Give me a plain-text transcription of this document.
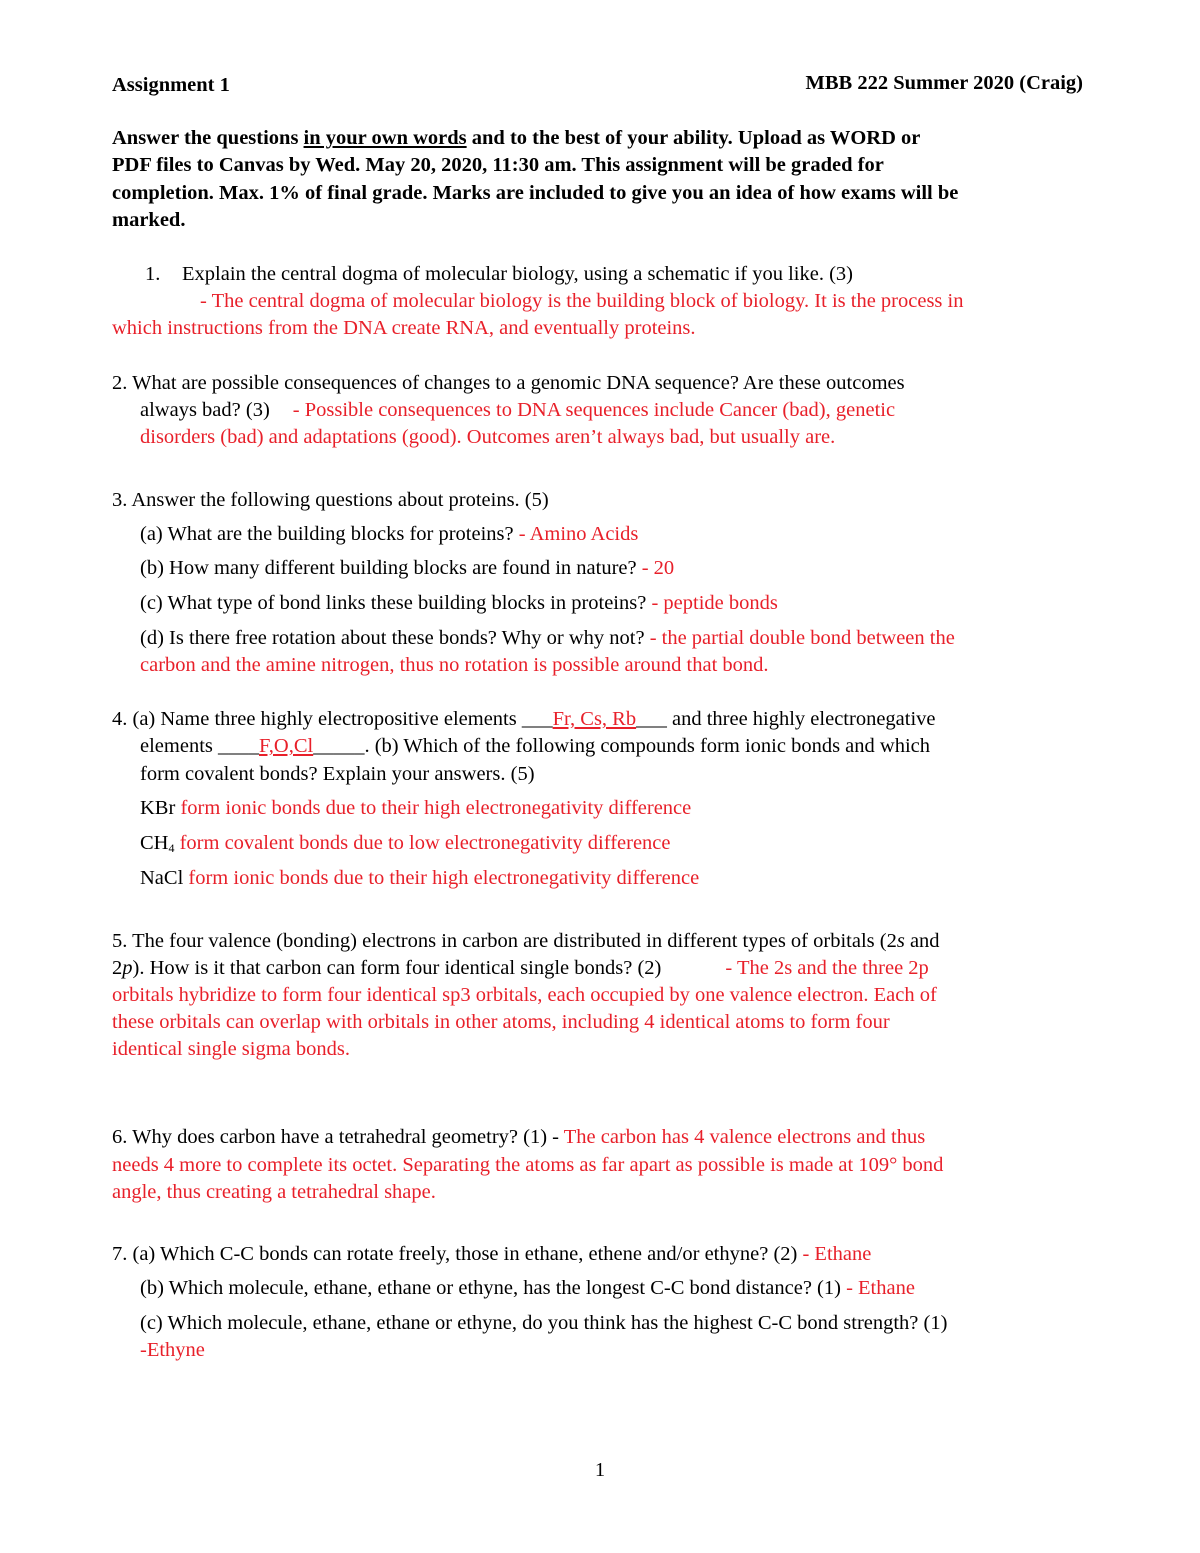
Assignment 1	MBB 222 Summer 2020 (Craig)
Answer the questions in your own words and to the best of your ability. Upload as WORD or
PDF files to Canvas by Wed. May 20, 2020, 11:30 am. This assignment will be graded for
completion. Max. 1% of final grade. Marks are included to give you an idea of how exams will be
marked.
1. Explain the central dogma of molecular biology, using a schematic if you like. (3)
- The central dogma of molecular biology is the building block of biology. It is the process in
which instructions from the DNA create RNA, and eventually proteins.
2. What are possible consequences of changes to a genomic DNA sequence? Are these outcomes
always bad? (3) - Possible consequences to DNA sequences include Cancer (bad), genetic
disorders (bad) and adaptations (good). Outcomes aren’t always bad, but usually are.
3. Answer the following questions about proteins. (5)
(a) What are the building blocks for proteins? - Amino Acids
(b) How many different building blocks are found in nature? - 20
(c) What type of bond links these building blocks in proteins? - peptide bonds
(d) Is there free rotation about these bonds? Why or why not? - the partial double bond between the
carbon and the amine nitrogen, thus no rotation is possible around that bond.
4. (a) Name three highly electropositive elements ___Fr, Cs, Rb___ and three highly electronegative
elements ____F,O,Cl_____. (b) Which of the following compounds form ionic bonds and which
form covalent bonds? Explain your answers. (5)
KBr form ionic bonds due to their high electronegativity difference
$CH_4$ form covalent bonds due to low electronegativity difference
NaCl form ionic bonds due to their high electronegativity difference
5. The four valence (bonding) electrons in carbon are distributed in different types of orbitals (2s and
2p). How is it that carbon can form four identical single bonds? (2)	- The 2s and the three 2p
orbitals hybridize to form four identical sp3 orbitals, each occupied by one valence electron. Each of
these orbitals can overlap with orbitals in other atoms, including 4 identical atoms to form four
identical single sigma bonds.
6. Why does carbon have a tetrahedral geometry? (1) - The carbon has 4 valence electrons and thus
needs 4 more to complete its octet. Separating the atoms as far apart as possible is made at 109° bond
angle, thus creating a tetrahedral shape.
7. (a) Which C-C bonds can rotate freely, those in ethane, ethene and/or ethyne? (2) - Ethane
(b) Which molecule, ethane, ethane or ethyne, has the longest C-C bond distance? (1) - Ethane
(c) Which molecule, ethane, ethane or ethyne, do you think has the highest C-C bond strength? (1)
-Ethyne
1
